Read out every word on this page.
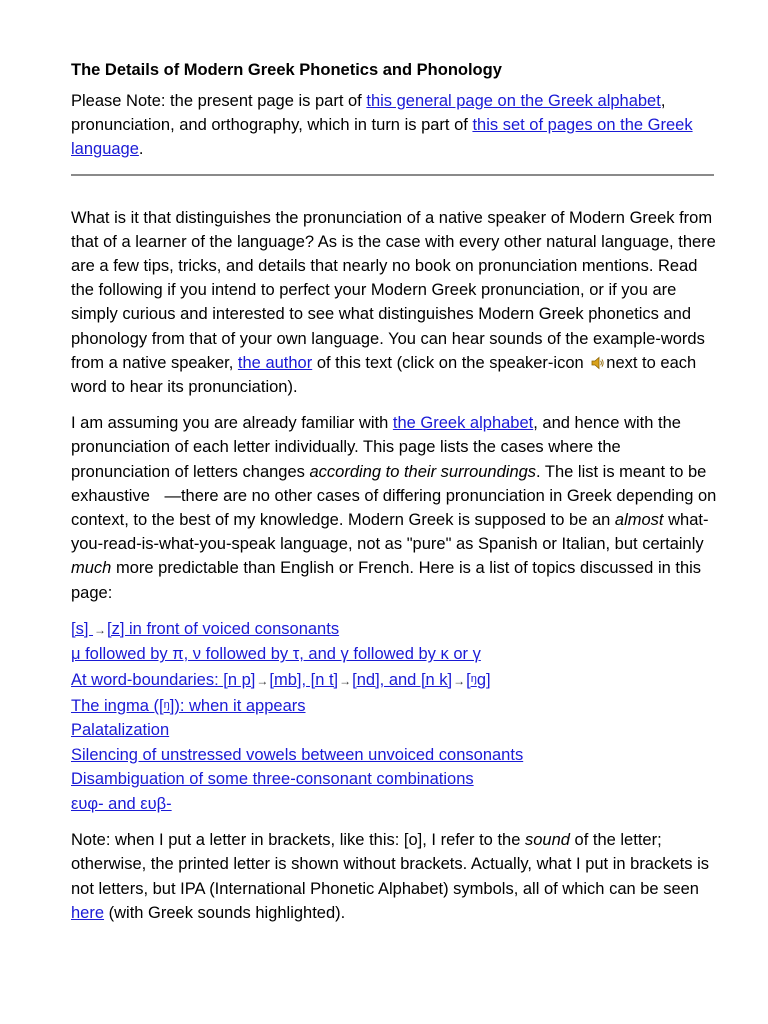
The Details of Modern Greek Phonetics and Phonology

Please Note: the present page is part of this general page on the Greek alphabet, pronunciation, and orthography, which in turn is part of this set of pages on the Greek language.

What is it that distinguishes the pronunciation of a native speaker of Modern Greek from that of a learner of the language? As is the case with every other natural language, there are a few tips, tricks, and details that nearly no book on pronunciation mentions. Read the following if you intend to perfect your Modern Greek pronunciation, or if you are simply curious and interested to see what distinguishes Modern Greek phonetics and phonology from that of your own language. You can hear sounds of the example-words from a native speaker, the author of this text (click on the speaker-icon next to each word to hear its pronunciation).

I am assuming you are already familiar with the Greek alphabet, and hence with the pronunciation of each letter individually. This page lists the cases where the pronunciation of letters changes according to their surroundings. The list is meant to be exhaustive —there are no other cases of differing pronunciation in Greek depending on context, to the best of my knowledge. Modern Greek is supposed to be an almost what-you-read-is-what-you-speak language, not as "pure" as Spanish or Italian, but certainly much more predictable than English or French. Here is a list of topics discussed in this page:

[s] →[z] in front of voiced consonants
μ followed by π, ν followed by τ, and γ followed by κ or γ
At word-boundaries: [n p]→[mb], [n t]→[nd], and [n k]→[ŋg]
The ingma ([ŋ]): when it appears
Palatalization
Silencing of unstressed vowels between unvoiced consonants
Disambiguation of some three-consonant combinations
ευφ- and ευβ-

Note: when I put a letter in brackets, like this: [o], I refer to the sound of the letter; otherwise, the printed letter is shown without brackets. Actually, what I put in brackets is not letters, but IPA (International Phonetic Alphabet) symbols, all of which can be seen here (with Greek sounds highlighted).
